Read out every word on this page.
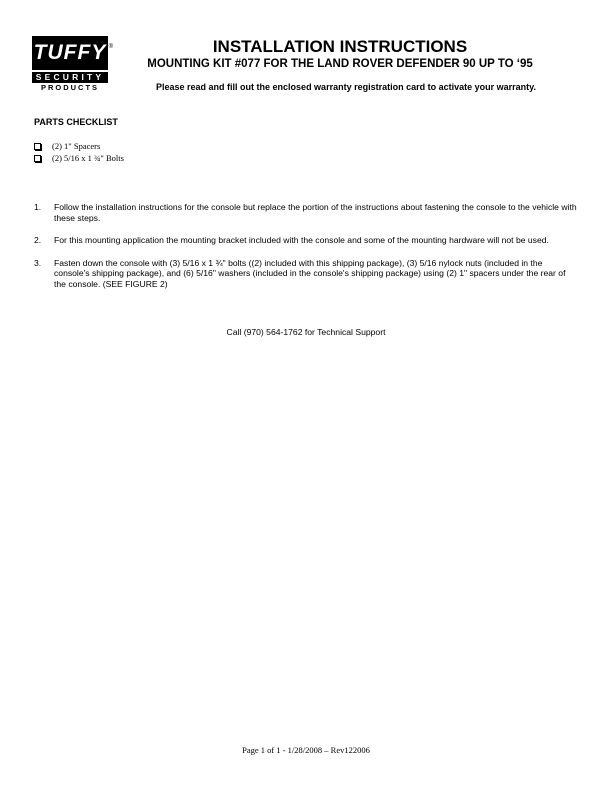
TUFFY ®
SECURITY
PRODUCTS
INSTALLATION INSTRUCTIONS
MOUNTING KIT #077 FOR THE LAND ROVER DEFENDER 90 UP TO ‘95
Please read and fill out the enclosed warranty registration card to activate your warranty.
PARTS CHECKLIST
(2) 1" Spacers
(2) 5/16 x 1 ¾" Bolts
1.	Follow the installation instructions for the console but replace the portion of the instructions about fastening the console to the vehicle with these steps.
2.	For this mounting application the mounting bracket included with the console and some of the mounting hardware will not be used.
3.	Fasten down the console with (3) 5/16 x 1 ¾" bolts ((2) included with this shipping package), (3) 5/16 nylock nuts (included in the console's shipping package), and (6) 5/16" washers (included in the console's shipping package) using (2) 1" spacers under the rear of the console. (SEE FIGURE 2)
Call (970) 564-1762 for Technical Support
Page 1 of 1 - 1/28/2008 – Rev122006
